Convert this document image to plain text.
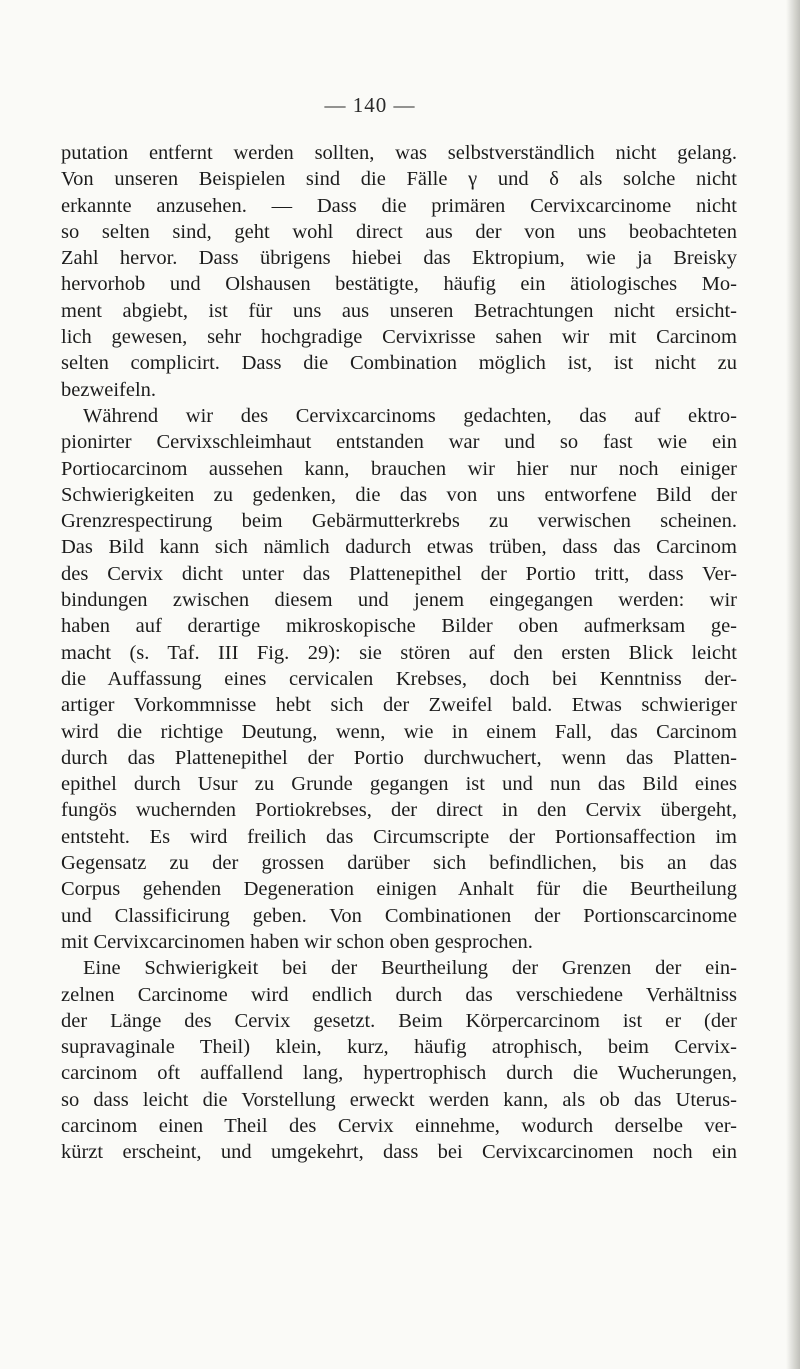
— 140 —
putation entfernt werden sollten, was selbstverständlich nicht gelang.
Von unseren Beispielen sind die Fälle γ und δ als solche nicht
erkannte anzusehen. — Dass die primären Cervixcarcinome nicht
so selten sind, geht wohl direct aus der von uns beobachteten
Zahl hervor. Dass übrigens hiebei das Ektropium, wie ja Breisky
hervorhob und Olshausen bestätigte, häufig ein ätiologisches Mo-
ment abgiebt, ist für uns aus unseren Betrachtungen nicht ersicht-
lich gewesen, sehr hochgradige Cervixrisse sahen wir mit Carcinom
selten complicirt. Dass die Combination möglich ist, ist nicht zu
bezweifeln.
Während wir des Cervixcarcinoms gedachten, das auf ektro-
pionirter Cervixschleimhaut entstanden war und so fast wie ein
Portiocarcinom aussehen kann, brauchen wir hier nur noch einiger
Schwierigkeiten zu gedenken, die das von uns entworfene Bild der
Grenzrespectirung beim Gebärmutterkrebs zu verwischen scheinen.
Das Bild kann sich nämlich dadurch etwas trüben, dass das Carcinom
des Cervix dicht unter das Plattenepithel der Portio tritt, dass Ver-
bindungen zwischen diesem und jenem eingegangen werden: wir
haben auf derartige mikroskopische Bilder oben aufmerksam ge-
macht (s. Taf. III Fig. 29): sie stören auf den ersten Blick leicht
die Auffassung eines cervicalen Krebses, doch bei Kenntniss der-
artiger Vorkommnisse hebt sich der Zweifel bald. Etwas schwieriger
wird die richtige Deutung, wenn, wie in einem Fall, das Carcinom
durch das Plattenepithel der Portio durchwuchert, wenn das Platten-
epithel durch Usur zu Grunde gegangen ist und nun das Bild eines
fungös wuchernden Portiokrebses, der direct in den Cervix übergeht,
entsteht. Es wird freilich das Circumscripte der Portionsaffection im
Gegensatz zu der grossen darüber sich befindlichen, bis an das
Corpus gehenden Degeneration einigen Anhalt für die Beurtheilung
und Classificirung geben. Von Combinationen der Portionscarcinome
mit Cervixcarcinomen haben wir schon oben gesprochen.
Eine Schwierigkeit bei der Beurtheilung der Grenzen der ein-
zelnen Carcinome wird endlich durch das verschiedene Verhältniss
der Länge des Cervix gesetzt. Beim Körpercarcinom ist er (der
supravaginale Theil) klein, kurz, häufig atrophisch, beim Cervix-
carcinom oft auffallend lang, hypertrophisch durch die Wucherungen,
so dass leicht die Vorstellung erweckt werden kann, als ob das Uterus-
carcinom einen Theil des Cervix einnehme, wodurch derselbe ver-
kürzt erscheint, und umgekehrt, dass bei Cervixcarcinomen noch ein
